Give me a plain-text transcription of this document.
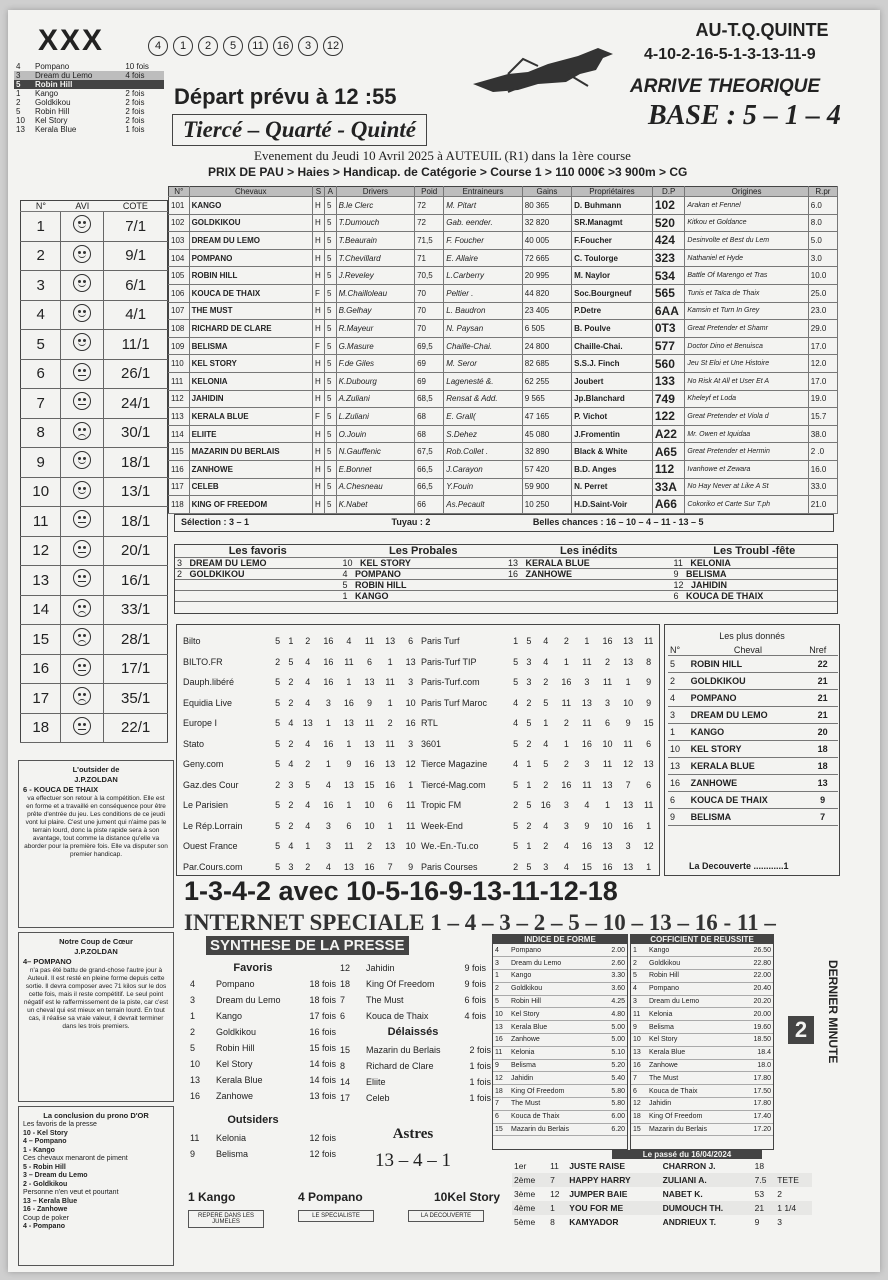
XXX	4 1 2 5 11 16 3 12
AU-T.Q.QUINTE
4-10-2-16-5-1-3-13-11-9
ARRIVE THEORIQUE
BASE : 5 – 1 – 4
4	Pompano	10 fois
3	Dream du Lemo	4 fois
5	Robin Hill	
1	Kango	2 fois
2	Goldkikou	2 fois
5	Robin Hill	2 fois
10	Kel Story	2 fois
13	Kerala Blue	1 fois
Départ prévu à 12 :55
Tiercé – Quarté - Quinté
Evenement du Jeudi 10 Avril 2025 à AUTEUIL (R1) dans la 1ère course
PRIX DE PAU > Haies > Handicap. de Catégorie > Course 1 > 110 000€ >3 900m > CG
N°	AVI	COTE
1		7/1
2		9/1
3		6/1
4		4/1
5		11/1
6		26/1
7		24/1
8		30/1
9		18/1
10		13/1
11		18/1
12		20/1
13		16/1
14		33/1
15		28/1
16		17/1
17		35/1
18		22/1
N°	Chevaux	S	A	Drivers	Poid	Entraineurs	Gains	Propriétaires	D.P	Origines	R.pr
101	KANGO	H	5	B.le Clerc	72	M. Pitart	80 365	D. Buhmann	102	Arakan et Fennel	6.0
102	GOLDKIKOU	H	5	T.Dumouch	72	Gab. eender.	32 820	SR.Managmt	520	Kitkou et Goldance	8.0
103	DREAM DU LEMO	H	5	T.Beaurain	71,5	F. Foucher	40 005	F.Foucher	424	Desinvolte et Best du Lem	5.0
104	POMPANO	H	5	T.Chevillard	71	E. Allaire	72 665	C. Toulorge	323	Nathaniel et Hyde	3.0
105	ROBIN HILL	H	5	J.Reveley	70,5	L.Carberry	20 995	M. Naylor	534	Battle Of Marengo et Tras	10.0
106	KOUCA DE THAIX	F	5	M.Chailloleau	70	Peltier .	44 820	Soc.Bourgneuf	565	Tunis et Taïca de Thaix	25.0
107	THE MUST	H	5	B.Gelhay	70	L. Baudron	23 405	P.Detre	6AA	Kamsin et Turn In Grey	23.0
108	RICHARD DE CLARE	H	5	R.Mayeur	70	N. Paysan	6 505	B. Poulve	0T3	Great Pretender et Shamr	29.0
109	BELISMA	F	5	G.Masure	69,5	Chaille-Chai.	24 800	Chaille-Chai.	577	Doctor Dino et Benuisca	17.0
110	KEL STORY	H	5	F.de Giles	69	M. Seror	82 685	S.S.J. Finch	560	Jeu St Eloi et Une Histoire	12.0
111	KELONIA	H	5	K.Dubourg	69	Lagenesté &.	62 255	Joubert	133	No Risk At All et User Et A	17.0
112	JAHIDIN	H	5	A.Zuliani	68,5	Rensat & Add.	9 565	Jp.Blanchard	749	Kheleyf et Loda	19.0
113	KERALA BLUE	F	5	L.Zuliani	68	E. Grall(	47 165	P. Vichot	122	Great Pretender et Viola d	15.7
114	ELIITE	H	5	O.Jouin	68	S.Dehez	45 080	J.Fromentin	A22	Mr. Owen et Iquidaa	38.0
115	MAZARIN DU BERLAIS	H	5	N.Gauffenic	67,5	Rob.Collet .	32 890	Black & White	A65	Great Pretender et Hermin	2 .0
116	ZANHOWE	H	5	E.Bonnet	66,5	J.Carayon	57 420	B.D. Anges	112	Ivanhowe et Zewara	16.0
117	CELEB	H	5	A.Chesneau	66,5	Y.Fouin	59 900	N. Perret	33A	No Hay Never at Like A St	33.0
118	KING OF FREEDOM	H	5	K.Nabet	66	As.Pecault	10 250	H.D.Saint-Voir	A66	Cokoriko et Carte Sur T.ph	21.0
Sélection : 3 – 1	Tuyau : 2	Belles chances : 16 – 10 – 4 – 11 - 13 – 5
Les favoris	Les Probales	Les inédits	Les Troubl -fête
3 DREAM DU LEMO	10 KEL STORY	13 KERALA BLUE	11 KELONIA
2 GOLDKIKOU	4 POMPANO	16 ZANHOWE	9 BELISMA
	5 ROBIN HILL		12 JAHIDIN
	1 KANGO		6 KOUCA DE THAIX
Bilto	5	1	2	16	4	11	13	6
BILTO.FR	2	5	4	16	11	6	1	13
Dauph.libéré	5	2	4	16	1	13	11	3
Equidia Live	5	2	4	3	16	9	1	10
Europe I	5	4	13	1	13	11	2	16
Stato	5	2	4	16	1	13	11	3
Geny.com	5	4	2	1	9	16	13	12
Gaz.des Cour	2	3	5	4	13	15	16	1
Le Parisien	5	2	4	16	1	10	6	11
Le Rép.Lorrain	5	2	4	3	6	10	1	11
Ouest France	5	4	1	3	11	2	13	10
Par.Cours.com	5	3	2	4	13	16	7	9
Paris Turf	1	5	4	2	1	16	13	11
Paris-Turf TIP	5	3	4	1	11	2	13	8
Paris-Turf.com	5	3	2	16	3	11	1	9
Paris Turf Maroc	4	2	5	11	13	3	10	9
RTL	4	5	1	2	11	6	9	15
3601	5	2	4	1	16	10	11	6
Tierce Magazine	4	1	5	2	3	11	12	13
Tiercé-Mag.com	5	1	2	16	11	13	7	6
Tropic FM	2	5	16	3	4	1	13	11
Week-End	5	2	4	3	9	10	16	1
We.-En.-Tu.co	5	1	2	4	16	13	3	12
Paris Courses	2	5	3	4	15	16	13	1
Les plus donnés
N°	Cheval	Nref
5	ROBIN HILL	22
2	GOLDKIKOU	21
4	POMPANO	21
3	DREAM DU LEMO	21
1	KANGO	20
10	KEL STORY	18
13	KERALA BLUE	18
16	ZANHOWE	13
6	KOUCA DE THAIX	9
9	BELISMA	7
La Decouverte ............1
1-3-4-2 avec 10-5-16-9-13-11-12-18
INTERNET SPECIALE 1 – 4 – 3 – 2 – 5 – 10 – 13 – 16 - 11 –
L'outsider de
J.P.ZOLDAN
6 - KOUCA DE THAIX
va effectuer son retour à la compétition. Elle est en forme et a travaillé en conséquence pour être prête d'entrée du jeu. Les conditions de ce jeudi vont lui plaire. C'est une jument qui n'aime pas le terrain lourd, donc la piste rapide sera à son avantage, tout comme la distance qu'elle va aborder pour la première fois. Elle va disputer son premier handicap.
Notre Coup de Cœur
J.P.ZOLDAN
4– POMPANO
n'a pas été battu de grand-chose l'autre jour à Auteuil. Il est resté en pleine forme depuis cette sortie. Il devra composer avec 71 kilos sur le dos cette fois, mais il reste compétitif. Le seul point négatif est le raffermissement de la piste, car c'est un cheval qui est mieux en terrain lourd. En tout cas, il réalise sa vraie valeur, il devrait terminer dans les trois premiers.
La conclusion du prono D'OR
Les favoris de la presse
10 - Kel Story
4 – Pompano
1 - Kango
Ces chevaux menaront de piment
5 - Robin Hill
3 – Dream du Lemo
2 - Goldkikou
Personne n'en veut et pourtant
13 – Kerala Blue
16 - Zanhowe
Coup de poker
4 - Pompano
SYNTHESE DE LA PRESSE
Favoris
4	Pompano	18 fois
3	Dream du Lemo	18 fois
1	Kango	17 fois
2	Goldkikou	16 fois
5	Robin Hill	15 fois
10	Kel Story	14 fois
13	Kerala Blue	14 fois
16	Zanhowe	13 fois
12	Jahidin	9 fois
18	King Of Freedom	9 fois
7	The Must	6 fois
6	Kouca de Thaix	4 fois
Délaissés
15	Mazarin du Berlais	2 fois
8	Richard de Clare	1 fois
14	Eliite	1 fois
17	Celeb	1 fois
Outsiders
11	Kelonia	12 fois
9	Belisma	12 fois
Astres
13 – 4 – 1
1 Kango
REPERE DANS LES JUMELES
4 Pompano
LE SPECIALISTE
10Kel Story
LA DECOUVERTE
INDICE DE FORME
4	Pompano	2.00
3	Dream du Lemo	2.60
1	Kango	3.30
2	Goldkikou	3.60
5	Robin Hill	4.25
10	Kel Story	4.80
13	Kerala Blue	5.00
16	Zanhowe	5.00
11	Kelonia	5.10
9	Belisma	5.20
12	Jahidin	5.40
18	King Of Freedom	5.80
7	The Must	5.80
6	Kouca de Thaix	6.00
15	Mazarin du Berlais	6.20
COFFICIENT DE REUSSITE
1	Kango	26.50
2	Goldkikou	22.80
5	Robin Hill	22.00
4	Pompano	20.40
3	Dream du Lemo	20.20
11	Kelonia	20.00
9	Belisma	19.60
10	Kel Story	18.50
13	Kerala Blue	18.4
16	Zanhowe	18.0
7	The Must	17.80
6	Kouca de Thaix	17.50
12	Jahidin	17.80
18	King Of Freedom	17.40
15	Mazarin du Berlais	17.20
DERNIER MINUTE
2
Le passé du 16/04/2024
1er	11	JUSTE RAISE	CHARRON J.	18	
2ème	7	HAPPY HARRY	ZULIANI A.	7.5	TETE
3ème	12	JUMPER BAIE	NABET K.	53	2
4ème	1	YOU FOR ME	DUMOUCH TH.	21	1 1/4
5ème	8	KAMYADOR	ANDRIEUX T.	9	3
